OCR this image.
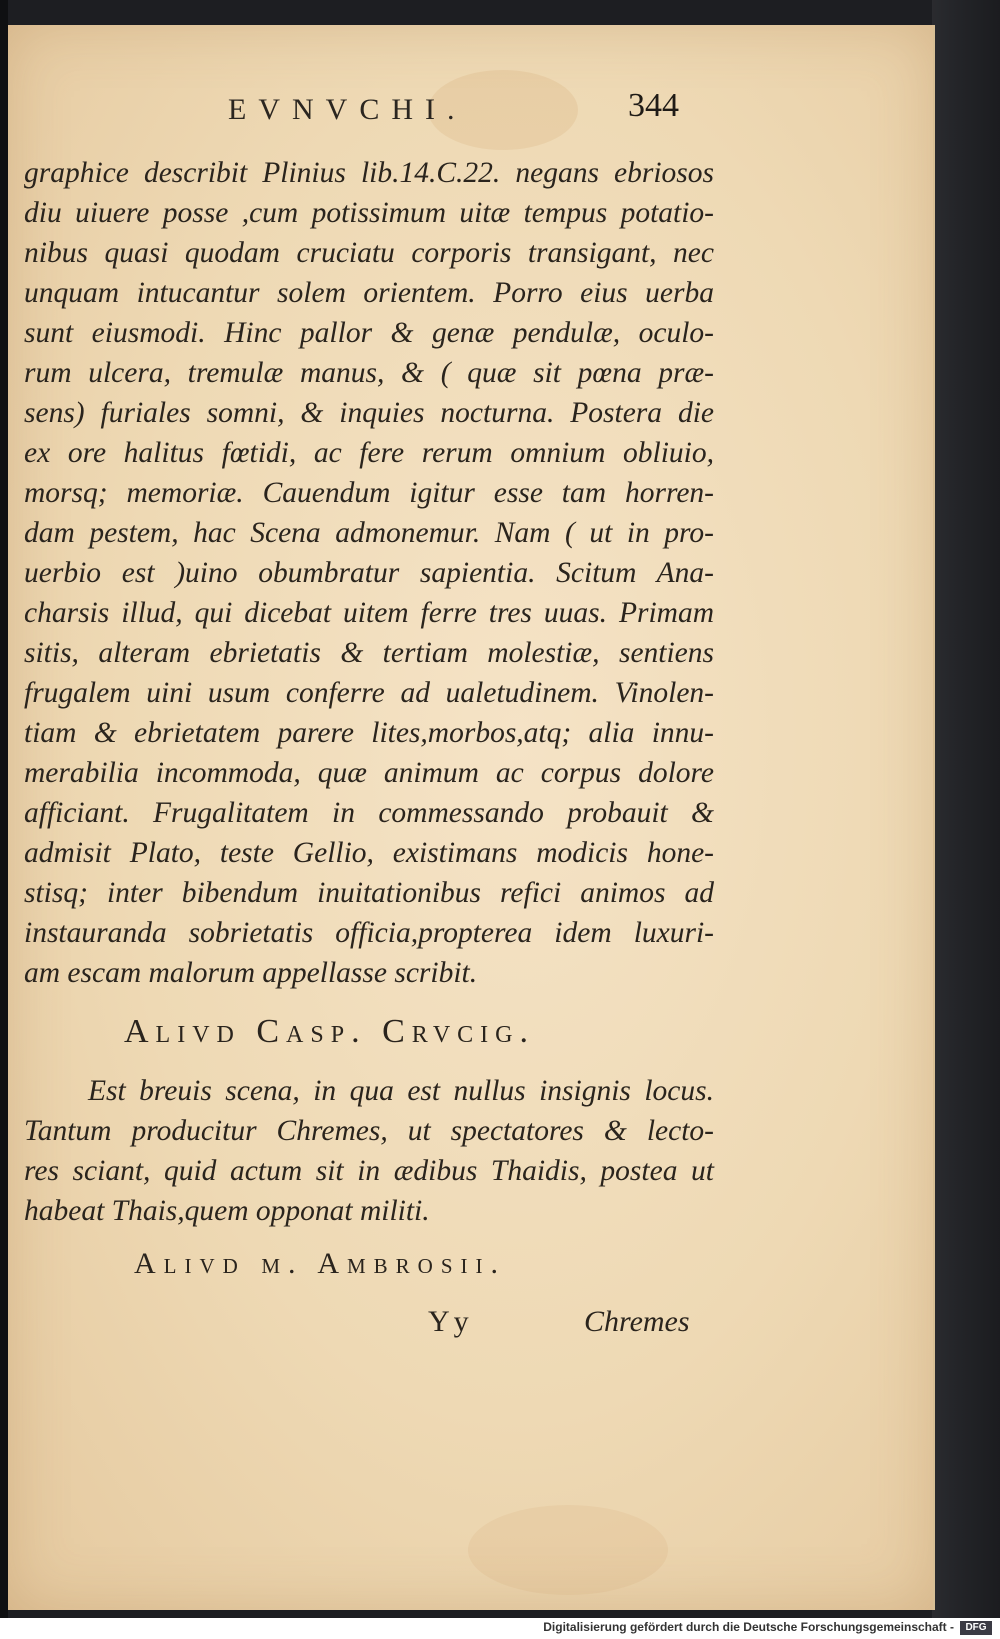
EVNVCHI.	344
graphice describit Plinius lib.14.C.22. negans ebriosos
diu uiuere posse ,cum potissimum uitæ tempus potatio-
nibus quasi quodam cruciatu corporis transigant, nec
unquam intucantur solem orientem. Porro eius uerba
sunt eiusmodi. Hinc pallor & genæ pendulæ, oculo-
rum ulcera, tremulæ manus, & ( quæ sit pœna præ-
sens) furiales somni, & inquies nocturna. Postera die
ex ore halitus fœtidi, ac fere rerum omnium obliuio,
morsq; memoriæ. Cauendum igitur esse tam horren-
dam pestem, hac Scena admonemur. Nam ( ut in pro-
uerbio est )uino obumbratur sapientia. Scitum Ana-
charsis illud, qui dicebat uitem ferre tres uuas. Primam
sitis, alteram ebrietatis & tertiam molestiæ, sentiens
frugalem uini usum conferre ad ualetudinem. Vinolen-
tiam & ebrietatem parere lites,morbos,atq; alia innu-
merabilia incommoda, quæ animum ac corpus dolore
afficiant. Frugalitatem in commessando probauit &
admisit Plato, teste Gellio, existimans modicis hone-
stisq; inter bibendum inuitationibus refici animos ad
instauranda sobrietatis officia,propterea idem luxuri-
am escam malorum appellasse scribit.
Alivd Casp. Crvcig.
Est breuis scena, in qua est nullus insignis locus.
Tantum producitur Chremes, ut spectatores & lecto-
res sciant, quid actum sit in ædibus Thaidis, postea ut
habeat Thais,quem opponat militi.
Alivd m. Ambrosii.
Yy	Chremes
Digitalisierung gefördert durch die Deutsche Forschungsgemeinschaft -	DFG
